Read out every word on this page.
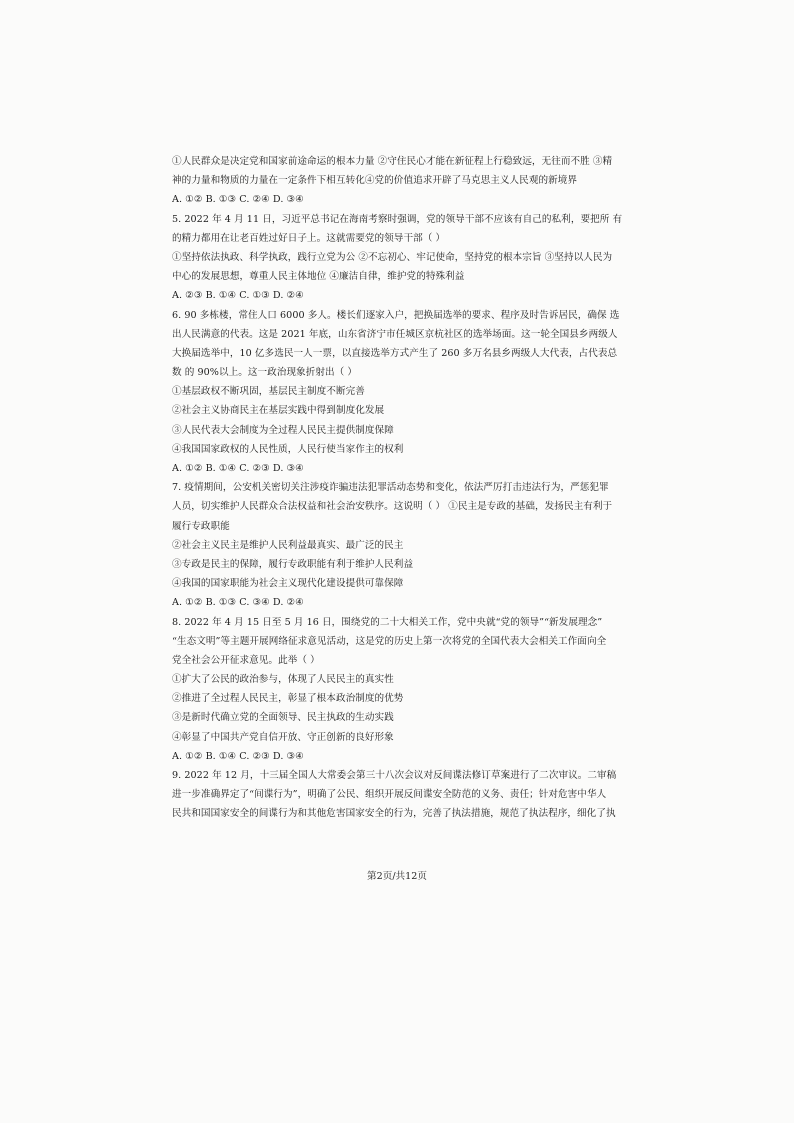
①人民群众是决定党和国家前途命运的根本力量 ②守住民心才能在新征程上行稳致远，无往而不胜 ③精
神的力量和物质的力量在一定条件下相互转化④党的价值追求开辟了马克思主义人民观的新境界
A. ①② B. ①③ C. ②④ D. ③④
5. 2022 年 4 月 11 日，习近平总书记在海南考察时强调，党的领导干部不应该有自己的私利，要把所 有
的精力都用在让老百姓过好日子上。这就需要党的领导干部（ ）
①坚持依法执政、科学执政，践行立党为公 ②不忘初心、牢记使命，坚持党的根本宗旨 ③坚持以人民为
中心的发展思想，尊重人民主体地位 ④廉洁自律，维护党的特殊利益
A. ②③ B. ①④ C. ①③ D. ②④
6. 90 多栋楼，常住人口 6000 多人。楼长们逐家入户，把换届选举的要求、程序及时告诉居民，确保 选
出人民满意的代表。这是 2021 年底，山东省济宁市任城区京杭社区的选举场面。这一轮全国县乡两级人
大换届选举中，10 亿多选民一人一票，以直接选举方式产生了 260 多万名县乡两级人大代表，占代表总
数 的 90%以上。这一政治现象折射出（ ）
①基层政权不断巩固，基层民主制度不断完善
②社会主义协商民主在基层实践中得到制度化发展
③人民代表大会制度为全过程人民民主提供制度保障
④我国国家政权的人民性质，人民行使当家作主的权利
A. ①② B. ①④ C. ②③ D. ③④
7. 疫情期间，公安机关密切关注涉疫诈骗违法犯罪活动态势和变化，依法严厉打击违法行为，严惩犯罪
人员，切实维护人民群众合法权益和社会治安秩序。这说明（ ） ①民主是专政的基础，发扬民主有利于
履行专政职能
②社会主义民主是维护人民利益最真实、最广泛的民主
③专政是民主的保障，履行专政职能有利于维护人民利益
④我国的国家职能为社会主义现代化建设提供可靠保障
A. ①② B. ①③ C. ③④ D. ②④
8. 2022 年 4 月 15 日至 5 月 16 日，围绕党的二十大相关工作，党中央就“党的领导”“新发展理念”
“生态文明”等主题开展网络征求意见活动，这是党的历史上第一次将党的全国代表大会相关工作面向全
党全社会公开征求意见。此举（ ）
①扩大了公民的政治参与，体现了人民民主的真实性
②推进了全过程人民民主，彰显了根本政治制度的优势
③是新时代确立党的全面领导、民主执政的生动实践
④彰显了中国共产党自信开放、守正创新的良好形象
A. ①② B. ①④ C. ②③ D. ③④
9. 2022 年 12 月，十三届全国人大常委会第三十八次会议对反间谍法修订草案进行了二次审议。二审稿
进一步准确界定了“间谍行为”，明确了公民、组织开展反间谍安全防范的义务、责任；针对危害中华人
民共和国国家安全的间谍行为和其他危害国家安全的行为，完善了执法措施，规范了执法程序，细化了执
第2页/共12页
